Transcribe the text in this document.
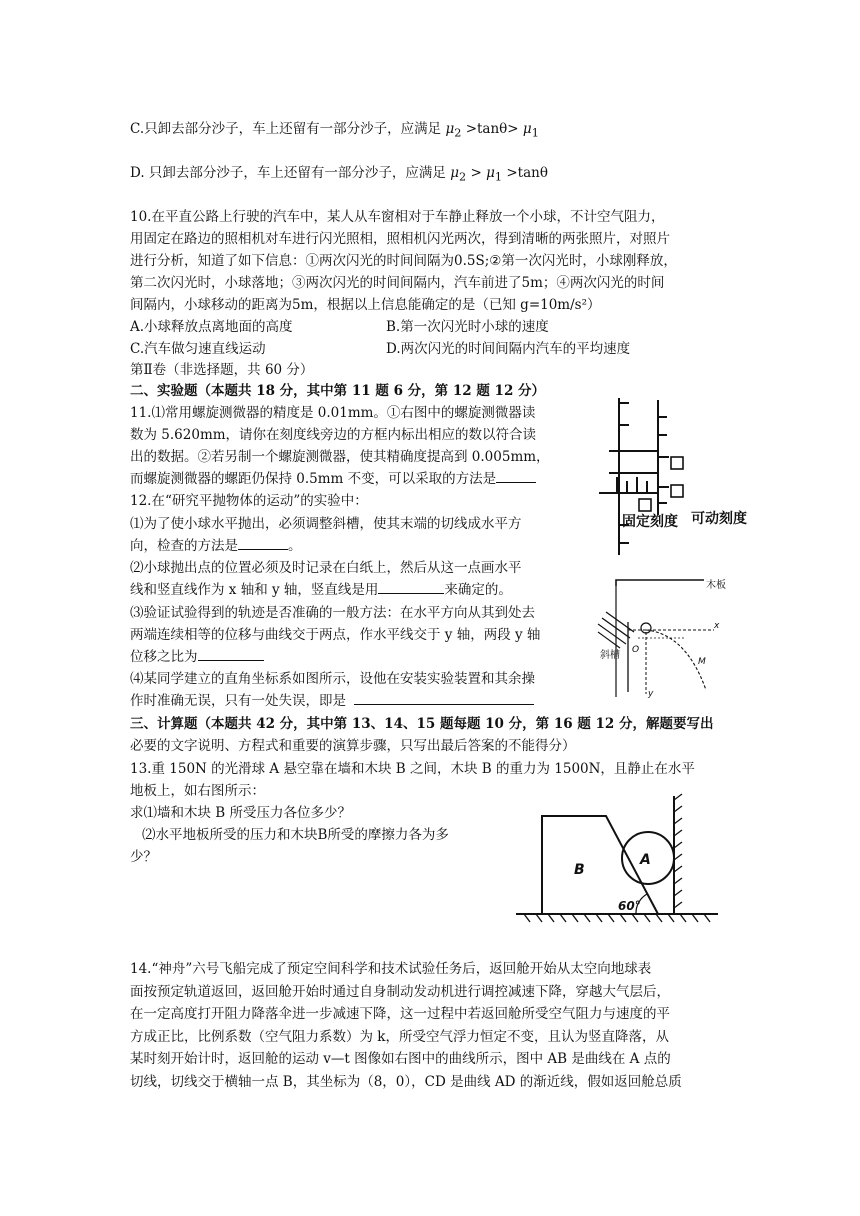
C.只卸去部分沙子，车上还留有一部分沙子，应满足 $\mu_2 >\tan\theta> \mu_1$
D. 只卸去部分沙子，车上还留有一部分沙子，应满足 $\mu_2 > \mu_1 >\tan\theta$
10.在平直公路上行驶的汽车中，某人从车窗相对于车静止释放一个小球，不计空气阻力，
用固定在路边的照相机对车进行闪光照相，照相机闪光两次，得到清晰的两张照片，对照片
进行分析，知道了如下信息：①两次闪光的时间间隔为0.5S;②第一次闪光时，小球刚释放，
第二次闪光时，小球落地；③两次闪光的时间间隔内，汽车前进了5m；④两次闪光的时间
间隔内，小球移动的距离为5m，根据以上信息能确定的是（已知 g=10m/s²）
A.小球释放点离地面的高度	B.第一次闪光时小球的速度
C.汽车做匀速直线运动	D.两次闪光的时间间隔内汽车的平均速度
第Ⅱ卷（非选择题，共 60 分）
二、实验题（本题共 18 分，其中第 11 题 6 分，第 12 题 12 分）
11.⑴常用螺旋测微器的精度是 0.01mm。①右图中的螺旋测微器读
数为 5.620mm，请你在刻度线旁边的方框内标出相应的数以符合读
出的数据。②若另制一个螺旋测微器，使其精确度提高到 0.005mm，
而螺旋测微器的螺距仍保持 0.5mm 不变，可以采取的方法是
12.在“研究平抛物体的运动”的实验中：
⑴为了使小球水平抛出，必须调整斜槽，使其末端的切线成水平方
向，检查的方法是	。
⑵小球抛出点的位置必须及时记录在白纸上，然后从这一点画水平
线和竖直线作为 x 轴和 y 轴，竖直线是用	来确定的。
⑶验证试验得到的轨迹是否准确的一般方法：在水平方向从其到处去
两端连续相等的位移与曲线交于两点，作水平线交于 y 轴，两段 y 轴
位移之比为
⑷某同学建立的直角坐标系如图所示，设他在安装实验装置和其余操
作时准确无误，只有一处失误，即是
三、计算题（本题共 42 分，其中第 13、14、15 题每题 10 分，第 16 题 12 分，解题要写出
必要的文字说明、方程式和重要的演算步骤，只写出最后答案的不能得分）
13.重 150N 的光滑球 A 悬空靠在墙和木块 B 之间，木块 B 的重力为 1500N，且静止在水平
地板上，如右图所示：
求⑴墙和木块 B 所受压力各位多少？
⑵水平地板所受的压力和木块B所受的摩擦力各为多
少？
14.“神舟”六号飞船完成了预定空间科学和技术试验任务后，返回舱开始从太空向地球表
面按预定轨道返回，返回舱开始时通过自身制动发动机进行调控减速下降，穿越大气层后，
在一定高度打开阻力降落伞进一步减速下降，这一过程中若返回舱所受空气阻力与速度的平
方成正比，比例系数（空气阻力系数）为 k，所受空气浮力恒定不变，且认为竖直降落，从
某时刻开始计时，返回舱的运动 v—t 图像如右图中的曲线所示，图中 AB 是曲线在 A 点的
切线，切线交于横轴一点 B，其坐标为（8，0），CD 是曲线 AD 的渐近线，假如返回舱总质
固定刻度 可动刻度
木板
斜槽 O
x
y
M
B
A
60°
